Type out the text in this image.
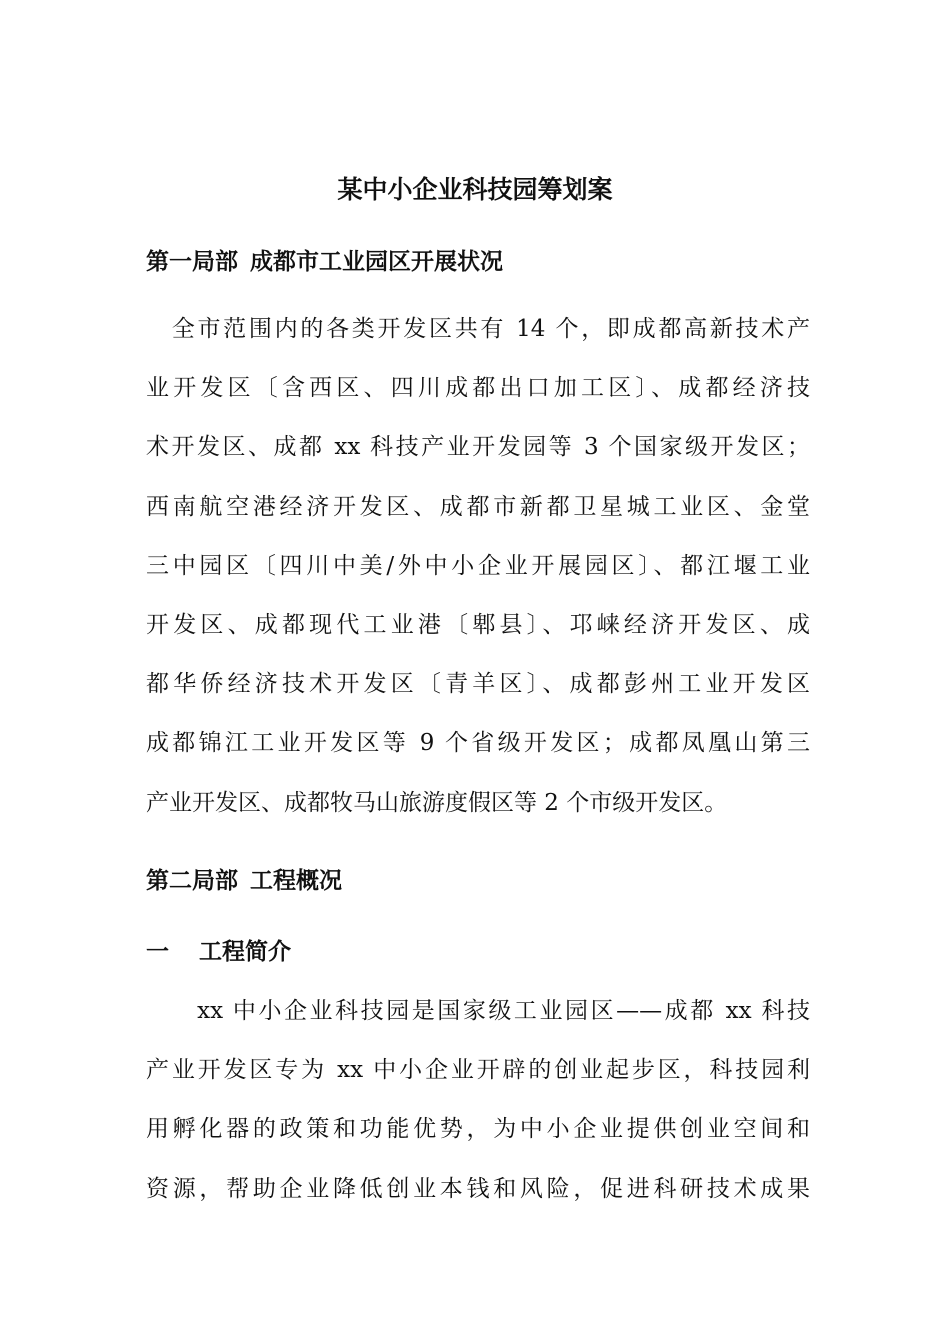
某中小企业科技园筹划案
第一局部 成都市工业园区开展状况
　全市范围内的各类开发区共有 14 个，即成都高新技术产
业开发区〔含西区、四川成都出口加工区〕、成都经济技
术开发区、成都 xx 科技产业开发园等 3 个国家级开发区；
西南航空港经济开发区、成都市新都卫星城工业区、金堂
三中园区〔四川中美/外中小企业开展园区〕、都江堰工业
开发区、成都现代工业港〔郫县〕、邛崃经济开发区、成
都华侨经济技术开发区〔青羊区〕、成都彭州工业开发区
成都锦江工业开发区等 9 个省级开发区；成都凤凰山第三
产业开发区、成都牧马山旅游度假区等 2 个市级开发区。
第二局部 工程概况
一 工程简介
　　xx 中小企业科技园是国家级工业园区——成都 xx 科技
产业开发区专为 xx 中小企业开辟的创业起步区，科技园利
用孵化器的政策和功能优势，为中小企业提供创业空间和
资源，帮助企业降低创业本钱和风险，促进科研技术成果
